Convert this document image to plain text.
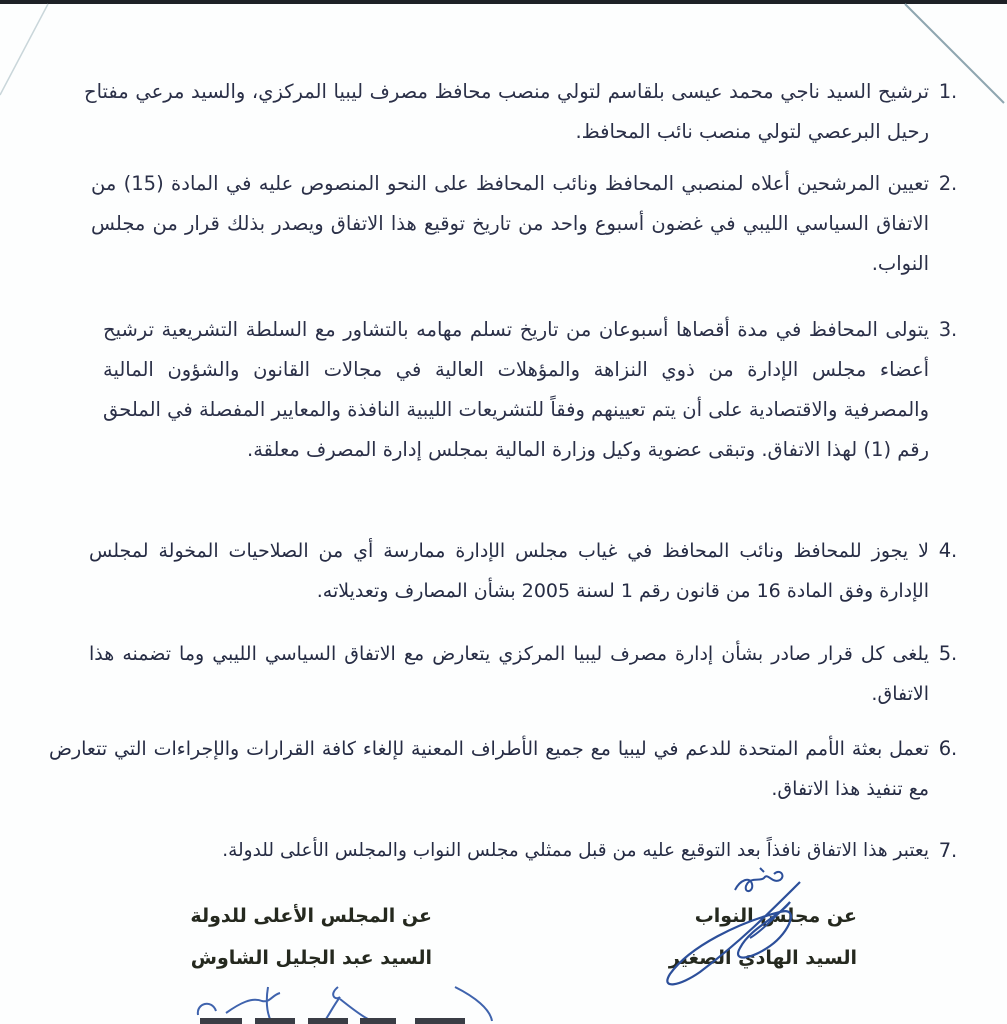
1.
ترشيح السيد ناجي محمد عيسى بلقاسم لتولي منصب محافظ مصرف ليبيا المركزي، والسيد مرعي مفتاح رحيل البرعصي لتولي منصب نائب المحافظ.
2.
تعيين المرشحين أعلاه لمنصبي المحافظ ونائب المحافظ على النحو المنصوص عليه في المادة (15) من الاتفاق السياسي الليبي في غضون أسبوع واحد من تاريخ توقيع هذا الاتفاق ويصدر بذلك قرار من مجلس النواب.
3.
يتولى المحافظ في مدة أقصاها أسبوعان من تاريخ تسلم مهامه بالتشاور مع السلطة التشريعية ترشيح أعضاء مجلس الإدارة من ذوي النزاهة والمؤهلات العالية في مجالات القانون والشؤون المالية والمصرفية والاقتصادية على أن يتم تعيينهم وفقاً للتشريعات الليبية النافذة والمعايير المفصلة في الملحق رقم (1) لهذا الاتفاق. وتبقى عضوية وكيل وزارة المالية بمجلس إدارة المصرف معلقة.
4.
لا يجوز للمحافظ ونائب المحافظ في غياب مجلس الإدارة ممارسة أي من الصلاحيات المخولة لمجلس الإدارة وفق المادة 16 من قانون رقم 1 لسنة 2005 بشأن المصارف وتعديلاته.
5.
يلغى كل قرار صادر بشأن إدارة مصرف ليبيا المركزي يتعارض مع الاتفاق السياسي الليبي وما تضمنه هذا الاتفاق.
6.
تعمل بعثة الأمم المتحدة للدعم في ليبيا مع جميع الأطراف المعنية لإلغاء كافة القرارات والإجراءات التي تتعارض مع تنفيذ هذا الاتفاق.
7.
يعتبر هذا الاتفاق نافذاً بعد التوقيع عليه من قبل ممثلي مجلس النواب والمجلس الأعلى للدولة.
عن مجلس النواب
السيد الهادي الصغير
عن المجلس الأعلى للدولة
السيد عبد الجليل الشاوش
